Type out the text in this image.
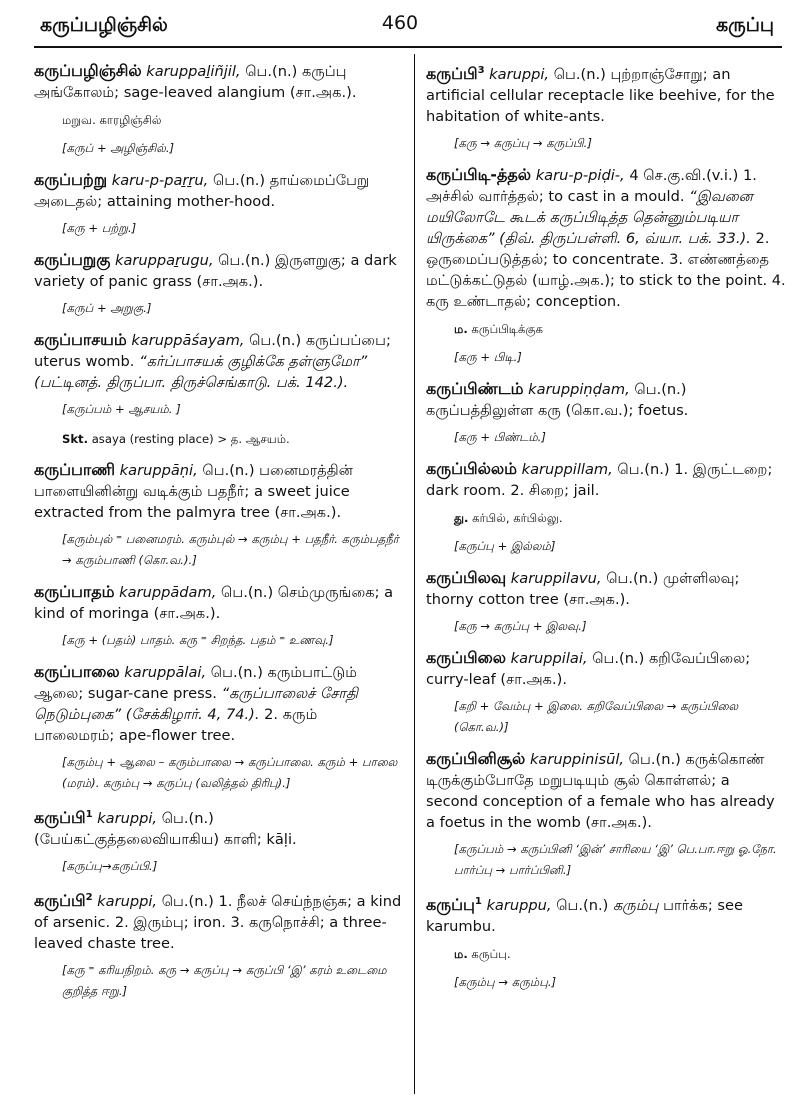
கருப்பழிஞ்சில்	460	கருப்பு
கருப்பழிஞ்சில் karuppaḻiñjil, பெ.(n.) கருப்பு அங்கோலம்; sage-leaved alangium (சா.அக.).
மறுவ. காரழிஞ்சில்
[கருப் + அழிஞ்சில்.]
கருப்பற்று karu-p-paṟṟu, பெ.(n.) தாய்மைப்பேறு அடைதல்; attaining mother-hood.
[கரு + பற்று.]
கருப்பறுகு karuppaṟugu, பெ.(n.) இருளறுகு; a dark variety of panic grass (சா.அக.).
[கருப் + அறுகு.]
கருப்பாசயம் karuppāśayam, பெ.(n.) கருப்பப்பை; uterus womb. “கர்ப்பாசயக் குழிக்கே தள்ளுமோ” (பட்டினத். திருப்பா. திருச்செங்காடு. பக். 142.).
[கருப்பம் + ஆசயம். ]
Skt. asaya (resting place) > த. ஆசயம்.
கருப்பாணி karuppāṇi, பெ.(n.) பனைமரத்தின் பாளையினின்று வடிக்கும் பதநீர்; a sweet juice extracted from the palmyra tree (சா.அக.).
[கரும்புல் ⁼ பனைமரம். கரும்புல் → கரும்பு + பதநீர். கரும்பதநீர் → கரும்பாணி (கொ.வ.).]
கருப்பாதம் karuppādam, பெ.(n.) செம்முருங்கை; a kind of moringa (சா.அக.).
[கரு + (பதம்) பாதம். கரு ⁼ சிறந்த. பதம் ⁼ உணவு.]
கருப்பாலை karuppālai, பெ.(n.) கரும்பாட்டும் ஆலை; sugar-cane press. “கருப்பாலைச் சோதி நெடும்புகை” (சேக்கிழார். 4, 74.). 2. கரும் பாலைமரம்; ape-flower tree.
[கரும்பு + ஆலை – கரும்பாலை → கருப்பாலை. கரும் + பாலை (மரம்). கரும்பு → கருப்பு (வலித்தல் திரிபு).]
கருப்பி$^1$ karuppi, பெ.(n.) (பேய்கட்குத்தலைவியாகிய) காளி; kāḷi.
[கருப்பு→கருப்பி.]
கருப்பி$^2$ karuppi, பெ.(n.) 1. நீலச் செய்ந்நஞ்சு; a kind of arsenic. 2. இரும்பு; iron. 3. கருநொச்சி; a three-leaved chaste tree.
[கரு ⁼ கரியநிறம். கரு → கருப்பு → கருப்பி ‘இ’ கரம் உடைமை குறித்த ஈறு.]
கருப்பி$^3$ karuppi, பெ.(n.) புற்றாஞ்சோறு; an artificial cellular receptacle like beehive, for the habitation of white-ants.
[கரு → கருப்பு → கருப்பி.]
கருப்பிடி-த்தல் karu-p-piḍi-, 4 செ.கு.வி.(v.i.) 1. அச்சில் வார்த்தல்; to cast in a mould. “இவனை மயிலோடே கூடக் கருப்பிடித்த தென்னும்படியா யிருக்கை” (திவ். திருப்பள்ளி. 6, வ்யா. பக். 33.). 2. ஒருமைப்படுத்தல்; to concentrate. 3. எண்ணத்தை மட்டுக்கட்டுதல் (யாழ்.அக.); to stick to the point. 4. கரு உண்டாதல்; conception.
ம. கருப்பிடிக்குக
[கரு + பிடி.]
கருப்பிண்டம் karuppiṇḍam, பெ.(n.) கருப்பத்திலுள்ள கரு (கொ.வ.); foetus.
[கரு + பிண்டம்.]
கருப்பில்லம் karuppillam, பெ.(n.) 1. இருட்டறை; dark room. 2. சிறை; jail.
து. கர்பில், கர்பில்லு.
[கருப்பு + இல்லம்]
கருப்பிலவு karuppilavu, பெ.(n.) முள்ளிலவு; thorny cotton tree (சா.அக.).
[கரு → கருப்பு + இலவு.]
கருப்பிலை karuppilai, பெ.(n.) கறிவேப்பிலை; curry-leaf (சா.அக.).
[கறி + வேம்பு + இலை. கறிவேப்பிலை → கருப்பிலை (கொ.வ.)]
கருப்பினிசூல் karuppinisūl, பெ.(n.) கருக்கொண் டிருக்கும்போதே மறுபடியும் சூல் கொள்ளல்; a second conception of a female who has already a foetus in the womb (சா.அக.).
[கருப்பம் → கருப்பினி ‘இன்’ சாரியை ‘இ’ பெ.பா.ஈறு ஓ.நோ. பார்ப்பு → பார்ப்பினி.]
கருப்பு$^1$ karuppu, பெ.(n.) கரும்பு பார்க்க; see karumbu.
ம. கருப்பு.
[கரும்பு → கரும்பு.]
